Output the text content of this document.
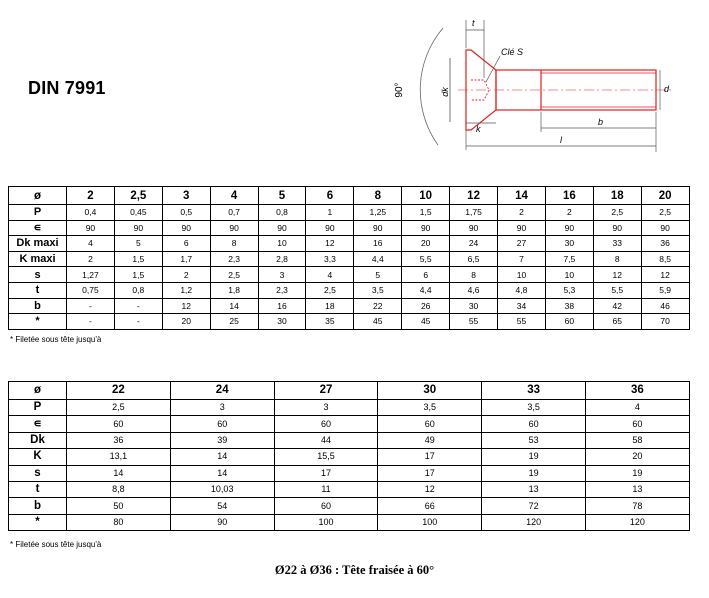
DIN 7991	90°	dk
t
Clé S
d
k
b
l
ø	2	2,5	3	4	5	6	8	10	12	14	16	18	20
P	0,4	0,45	0,5	0,7	0,8	1	1,25	1,5	1,75	2	2	2,5	2,5
∊	90	90	90	90	90	90	90	90	90	90	90	90	90
Dk maxi	4	5	6	8	10	12	16	20	24	27	30	33	36
K maxi	2	1,5	1,7	2,3	2,8	3,3	4,4	5,5	6,5	7	7,5	8	8,5
s	1,27	1,5	2	2,5	3	4	5	6	8	10	10	12	12
t	0,75	0,8	1,2	1,8	2,3	2,5	3,5	4,4	4,6	4,8	5,3	5,5	5,9
b	-	-	12	14	16	18	22	26	30	34	38	42	46
*	-	-	20	25	30	35	45	45	55	55	60	65	70
* Filetée sous tête jusqu'à
ø	22	24	27	30	33	36
P	2,5	3	3	3,5	3,5	4
∊	60	60	60	60	60	60
Dk	36	39	44	49	53	58
K	13,1	14	15,5	17	19	20
s	14	14	17	17	19	19
t	8,8	10,03	11	12	13	13
b	50	54	60	66	72	78
*	80	90	100	100	120	120
* Filetée sous tête jusqu'à
Ø22 à Ø36 : Tête fraisée à 60°
